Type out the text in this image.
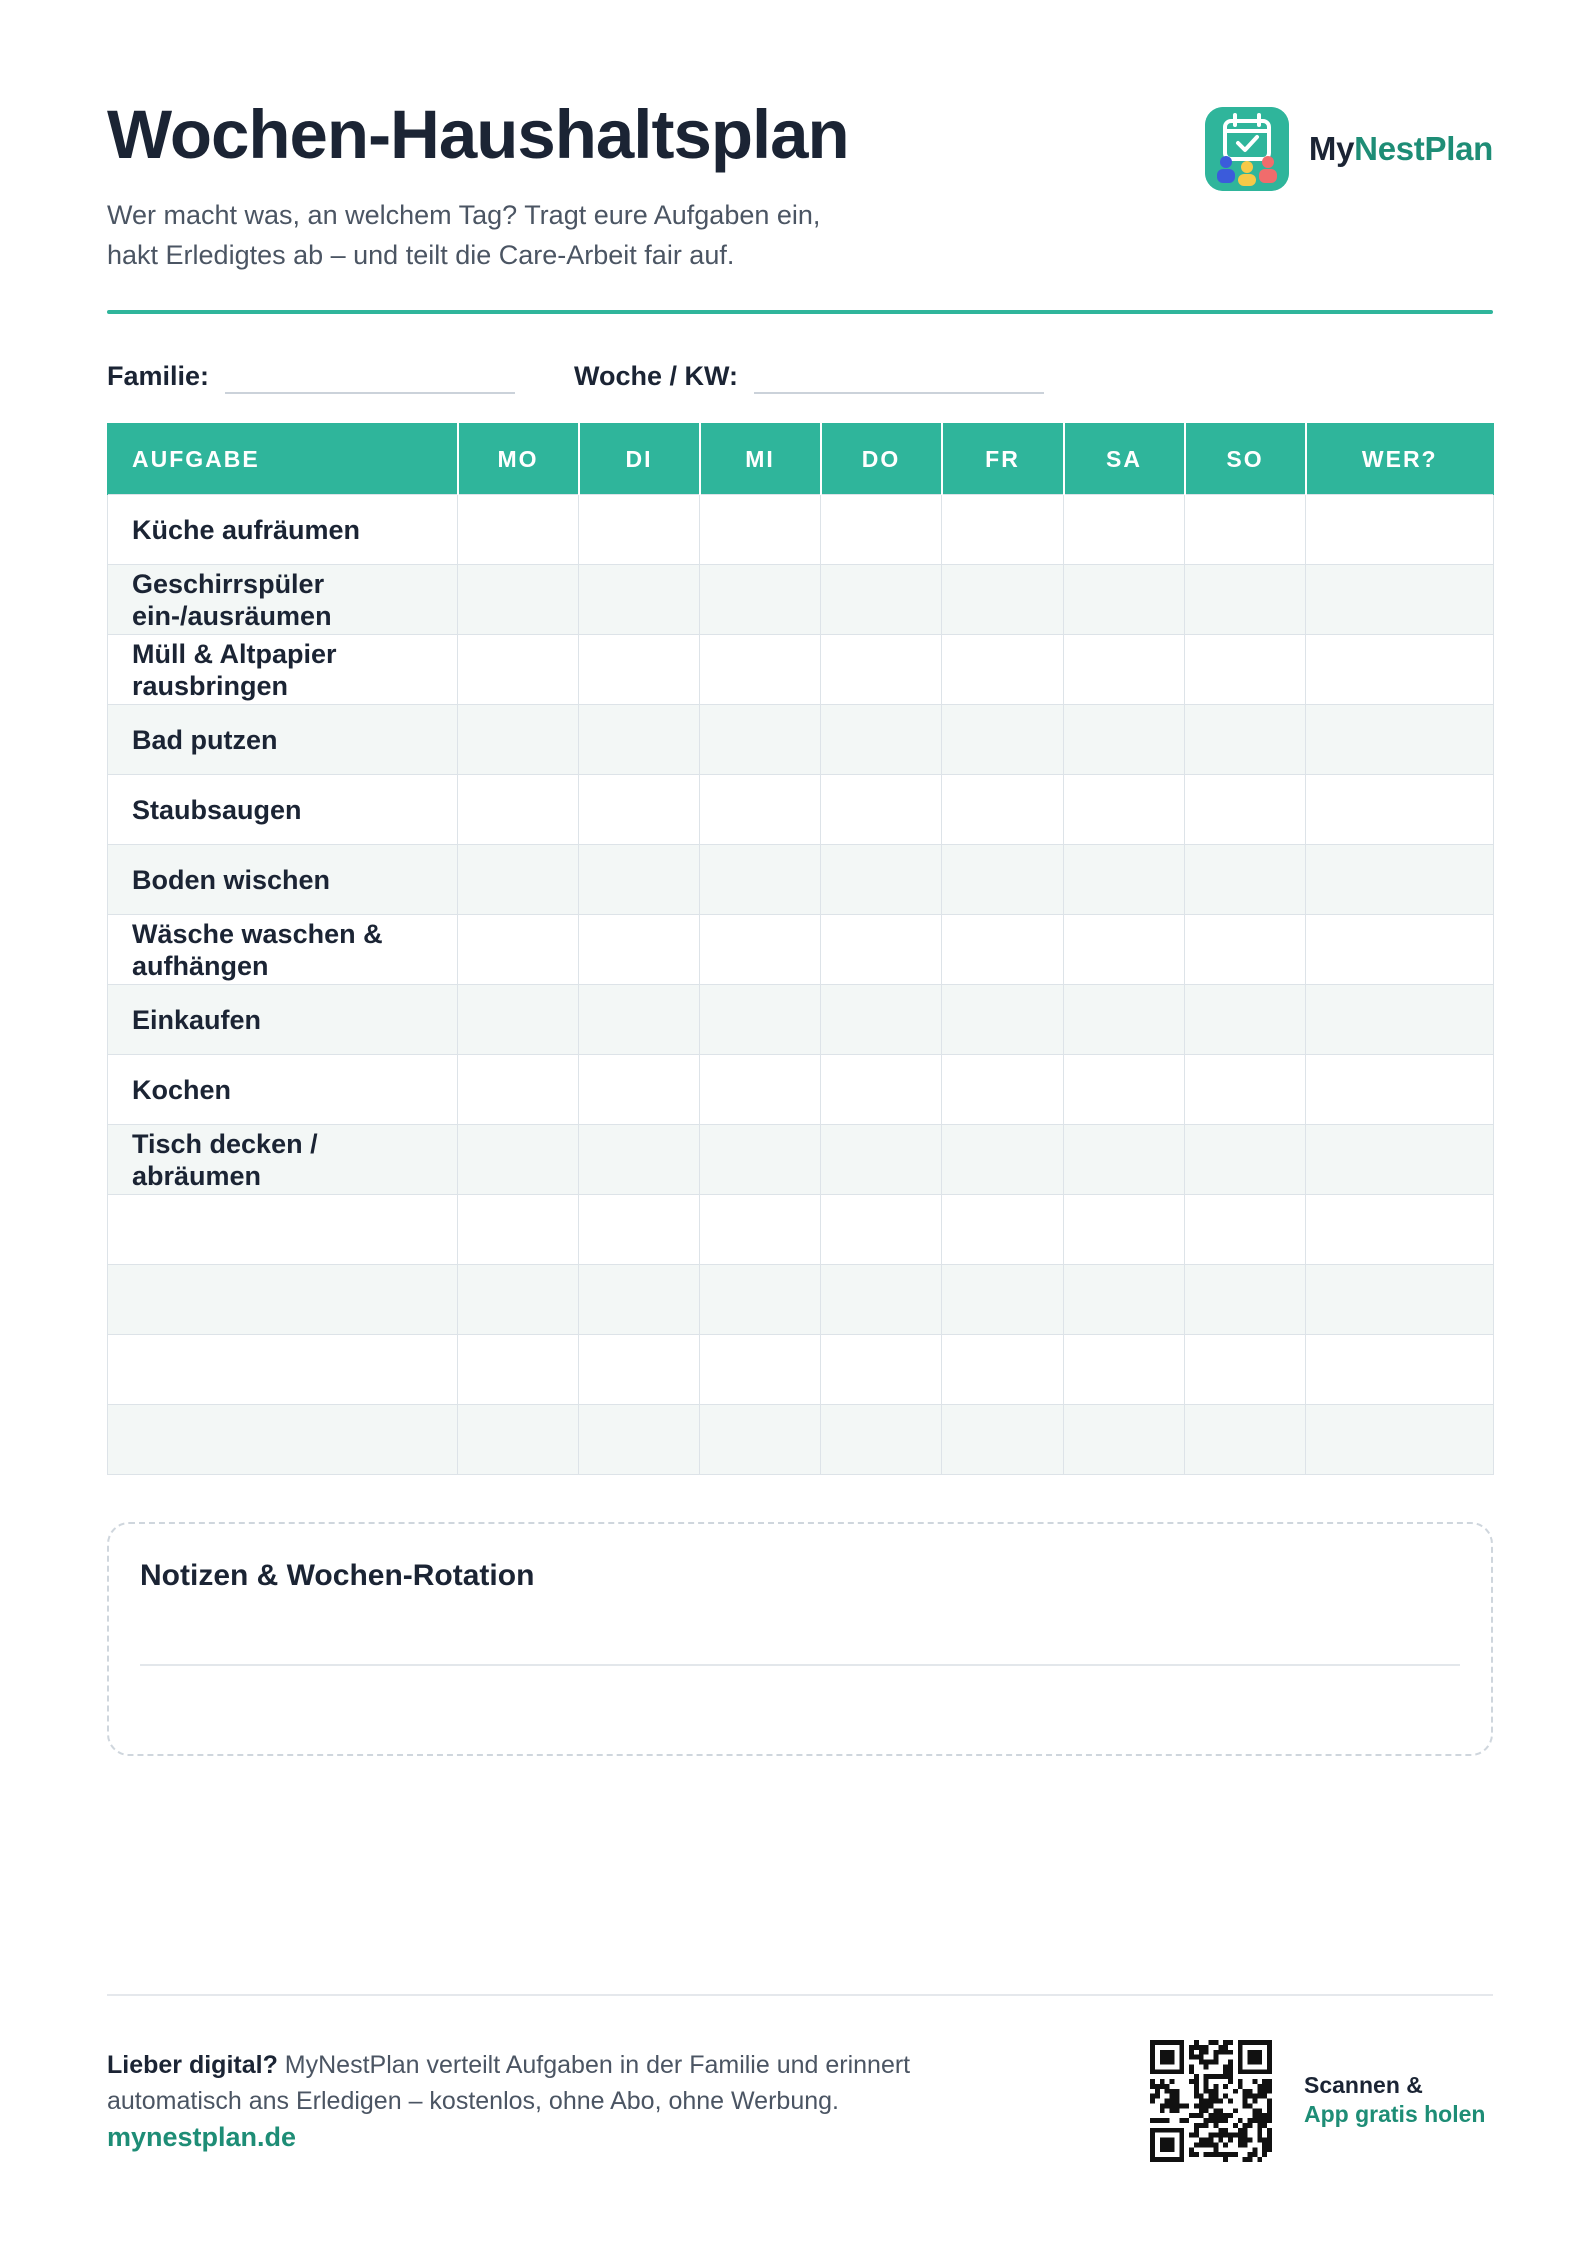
Wochen-Haushaltsplan

Wer macht was, an welchem Tag? Tragt eure Aufgaben ein,
hakt Erledigtes ab – und teilt die Care-Arbeit fair auf.

MyNestPlan
Familie:	Woche / KW:
AUFGABE	MO	DI	MI	DO	FR	SA	SO	WER?
Küche aufräumen								
Geschirrspüler ein-/ausräumen								
Müll & Altpapier rausbringen								
Bad putzen								
Staubsaugen								
Boden wischen								
Wäsche waschen & aufhängen								
Einkaufen								
Kochen								
Tisch decken / abräumen								

Notizen & Wochen-Rotation

Lieber digital? MyNestPlan verteilt Aufgaben in der Familie und erinnert automatisch ans Erledigen – kostenlos, ohne Abo, ohne Werbung.

mynestplan.de
Scannen &
App gratis holen
